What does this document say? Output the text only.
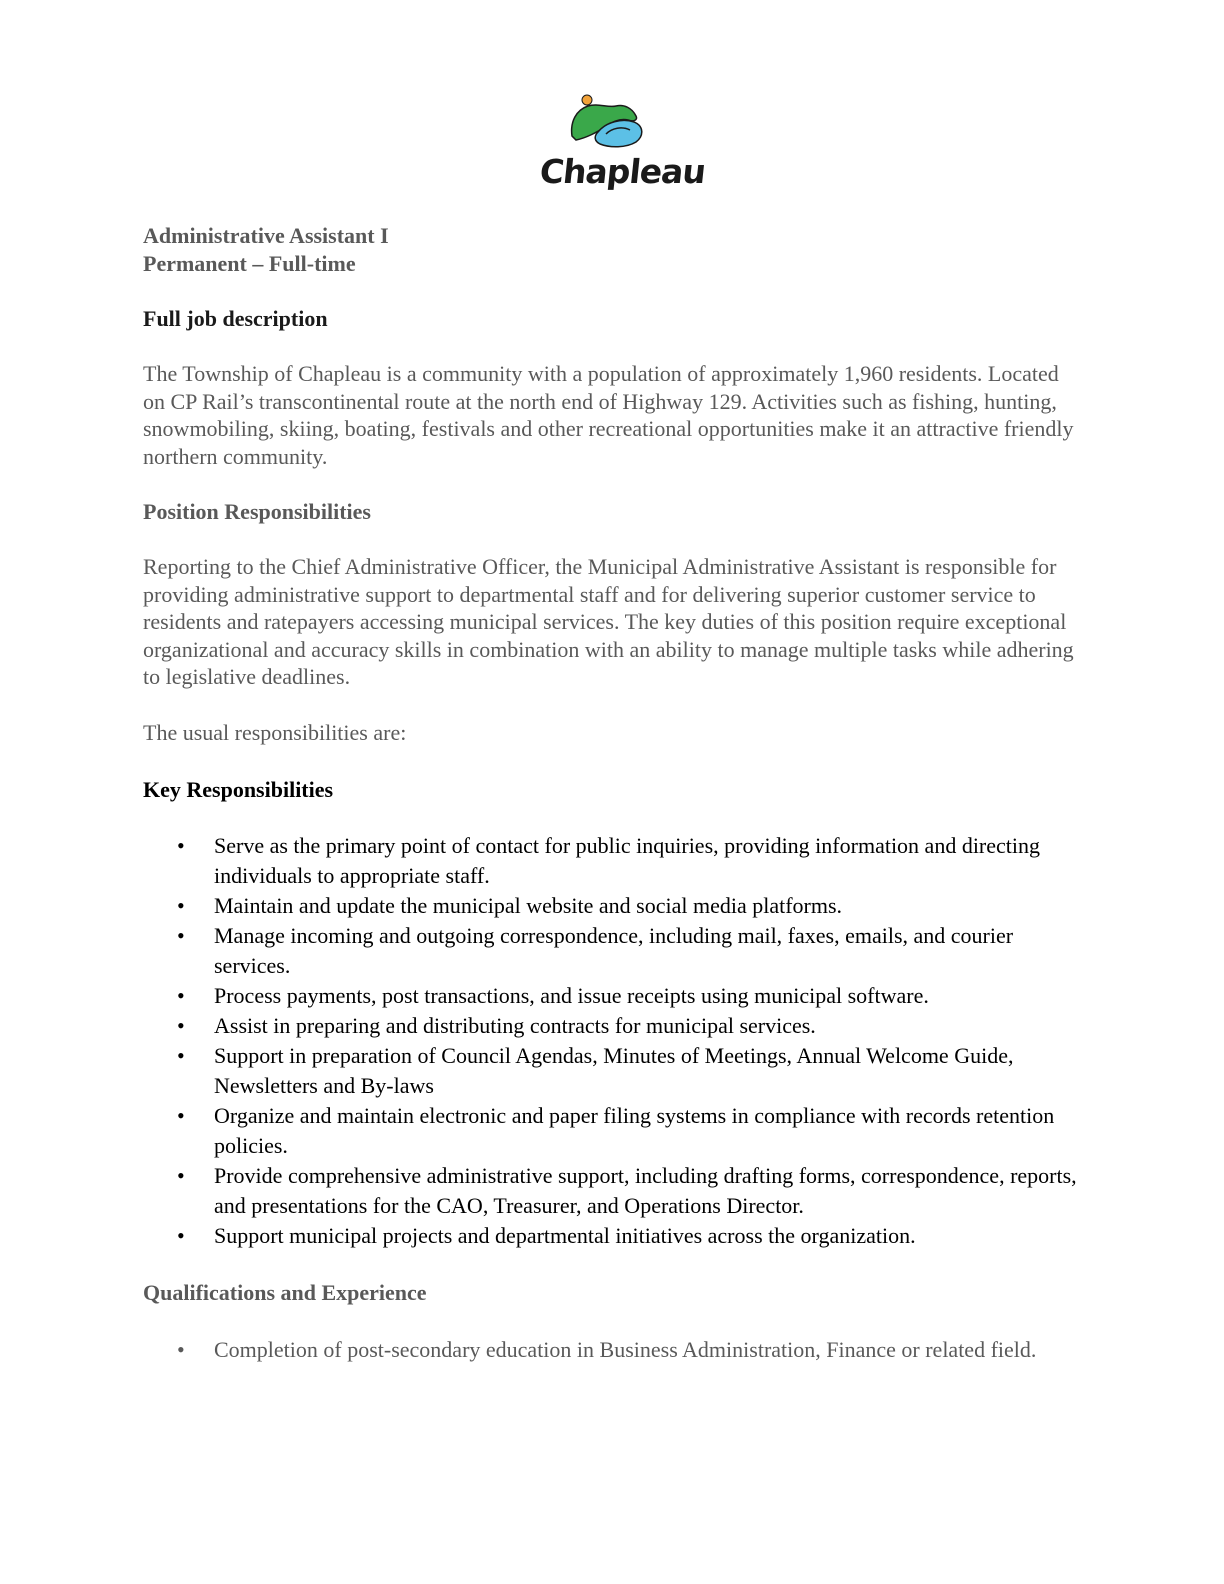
Chapleau

Administrative Assistant I

Permanent – Full-time

Full job description

The Township of Chapleau is a community with a population of approximately 1,960 residents. Located on CP Rail’s transcontinental route at the north end of Highway 129. Activities such as fishing, hunting, snowmobiling, skiing, boating, festivals and other recreational opportunities make it an attractive friendly northern community.

Position Responsibilities

Reporting to the Chief Administrative Officer, the Municipal Administrative Assistant is responsible for providing administrative support to departmental staff and for delivering superior customer service to residents and ratepayers accessing municipal services. The key duties of this position require exceptional organizational and accuracy skills in combination with an ability to manage multiple tasks while adhering to legislative deadlines.

The usual responsibilities are:

Key Responsibilities

• Serve as the primary point of contact for public inquiries, providing information and directing individuals to appropriate staff.
• Maintain and update the municipal website and social media platforms.
• Manage incoming and outgoing correspondence, including mail, faxes, emails, and courier services.
• Process payments, post transactions, and issue receipts using municipal software.
• Assist in preparing and distributing contracts for municipal services.
• Support in preparation of Council Agendas, Minutes of Meetings, Annual Welcome Guide, Newsletters and By-laws
• Organize and maintain electronic and paper filing systems in compliance with records retention policies.
• Provide comprehensive administrative support, including drafting forms, correspondence, reports, and presentations for the CAO, Treasurer, and Operations Director.
• Support municipal projects and departmental initiatives across the organization.

Qualifications and Experience

• Completion of post-secondary education in Business Administration, Finance or related field.
